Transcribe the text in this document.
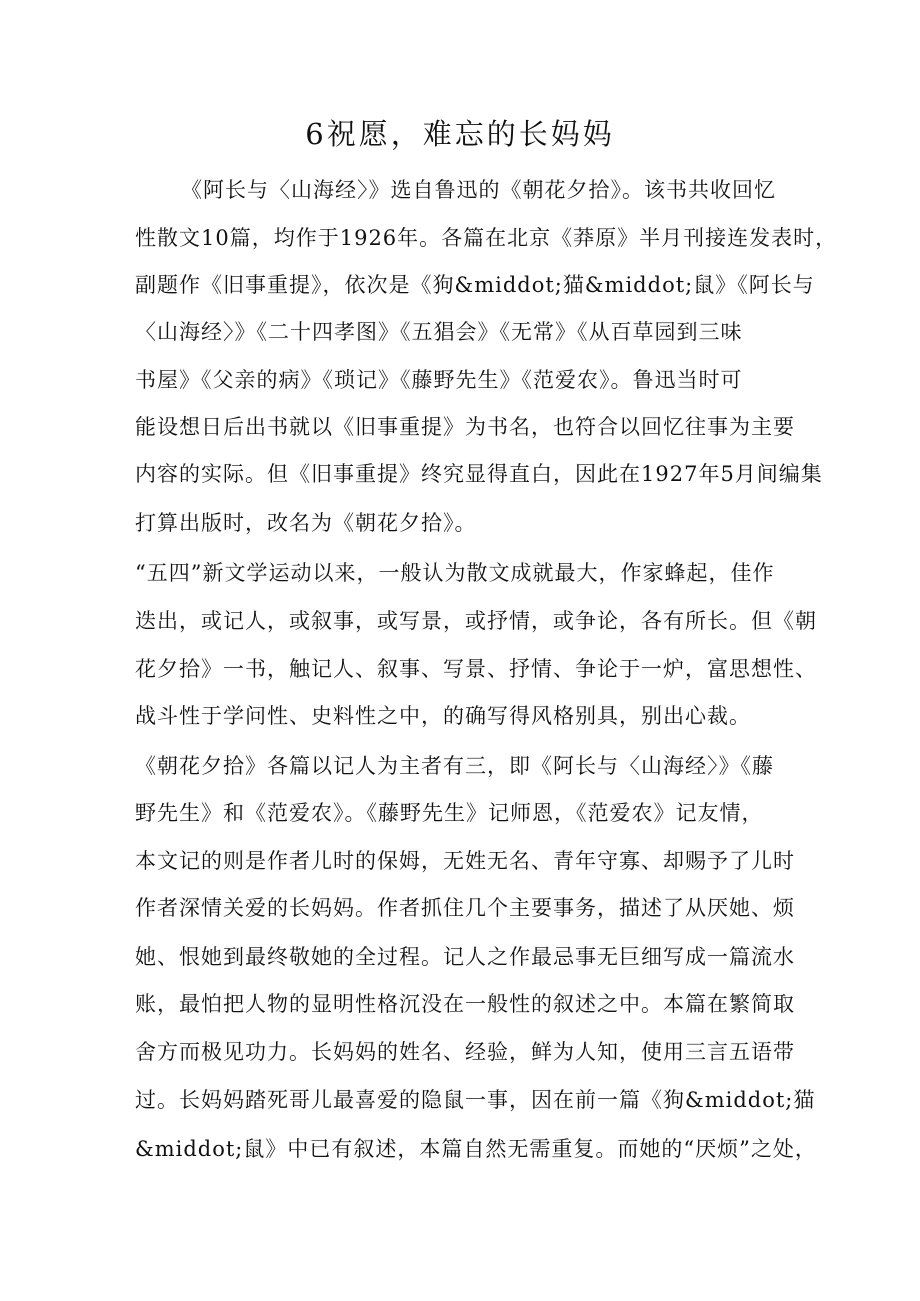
6祝愿，难忘的长妈妈

《阿长与〈山海经〉》选自鲁迅的《朝花夕拾》。该书共收回忆

性散文10篇，均作于1926年。各篇在北京《莽原》半月刊接连发表时，

副题作《旧事重提》，依次是《狗&middot;猫&middot;鼠》《阿长与

〈山海经〉》《二十四孝图》《五猖会》《无常》《从百草园到三味

书屋》《父亲的病》《琐记》《藤野先生》《范爱农》。鲁迅当时可

能设想日后出书就以《旧事重提》为书名，也符合以回忆往事为主要

内容的实际。但《旧事重提》终究显得直白，因此在1927年5月间编集

打算出版时，改名为《朝花夕拾》。

“五四”新文学运动以来，一般认为散文成就最大，作家蜂起，佳作

迭出，或记人，或叙事，或写景，或抒情，或争论，各有所长。但《朝

花夕拾》一书，触记人、叙事、写景、抒情、争论于一炉，富思想性、

战斗性于学问性、史料性之中，的确写得风格别具，别出心裁。

《朝花夕拾》各篇以记人为主者有三，即《阿长与〈山海经〉》《藤

野先生》和《范爱农》。《藤野先生》记师恩，《范爱农》记友情，

本文记的则是作者儿时的保姆，无姓无名、青年守寡、却赐予了儿时

作者深情关爱的长妈妈。作者抓住几个主要事务，描述了从厌她、烦

她、恨她到最终敬她的全过程。记人之作最忌事无巨细写成一篇流水

账，最怕把人物的显明性格沉没在一般性的叙述之中。本篇在繁简取

舍方而极见功力。长妈妈的姓名、经验，鲜为人知，使用三言五语带

过。长妈妈踏死哥儿最喜爱的隐鼠一事，因在前一篇《狗&middot;猫

&middot;鼠》中已有叙述，本篇自然无需重复。而她的“厌烦”之处，
